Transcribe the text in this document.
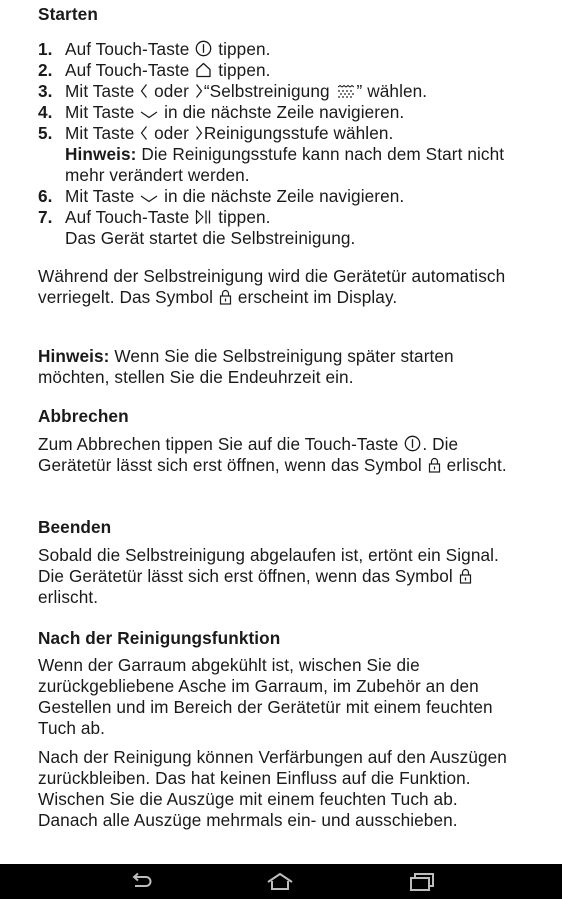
Starten
1. Auf Touch-Taste tippen.
2. Auf Touch-Taste tippen.
3. Mit Taste oder “Selbstreinigung ” wählen.
4. Mit Taste in die nächste Zeile navigieren.
5. Mit Taste oder Reinigungsstufe wählen.
Hinweis: Die Reinigungsstufe kann nach dem Start nicht mehr verändert werden.
6. Mit Taste in die nächste Zeile navigieren.
7. Auf Touch-Taste tippen.
Das Gerät startet die Selbstreinigung.

Während der Selbstreinigung wird die Gerätetür automatisch verriegelt. Das Symbol erscheint im Display.

Hinweis: Wenn Sie die Selbstreinigung später starten möchten, stellen Sie die Endeuhrzeit ein.

Abbrechen

Zum Abbrechen tippen Sie auf die Touch-Taste . Die Gerätetür lässt sich erst öffnen, wenn das Symbol erlischt.

Beenden

Sobald die Selbstreinigung abgelaufen ist, ertönt ein Signal. Die Gerätetür lässt sich erst öffnen, wenn das Symbol
erlischt.

Nach der Reinigungsfunktion

Wenn der Garraum abgekühlt ist, wischen Sie die zurückgebliebene Asche im Garraum, im Zubehör an den Gestellen und im Bereich der Gerätetür mit einem feuchten Tuch ab.

Nach der Reinigung können Verfärbungen auf den Auszügen zurückbleiben. Das hat keinen Einfluss auf die Funktion. Wischen Sie die Auszüge mit einem feuchten Tuch ab. Danach alle Auszüge mehrmals ein- und ausschieben.
